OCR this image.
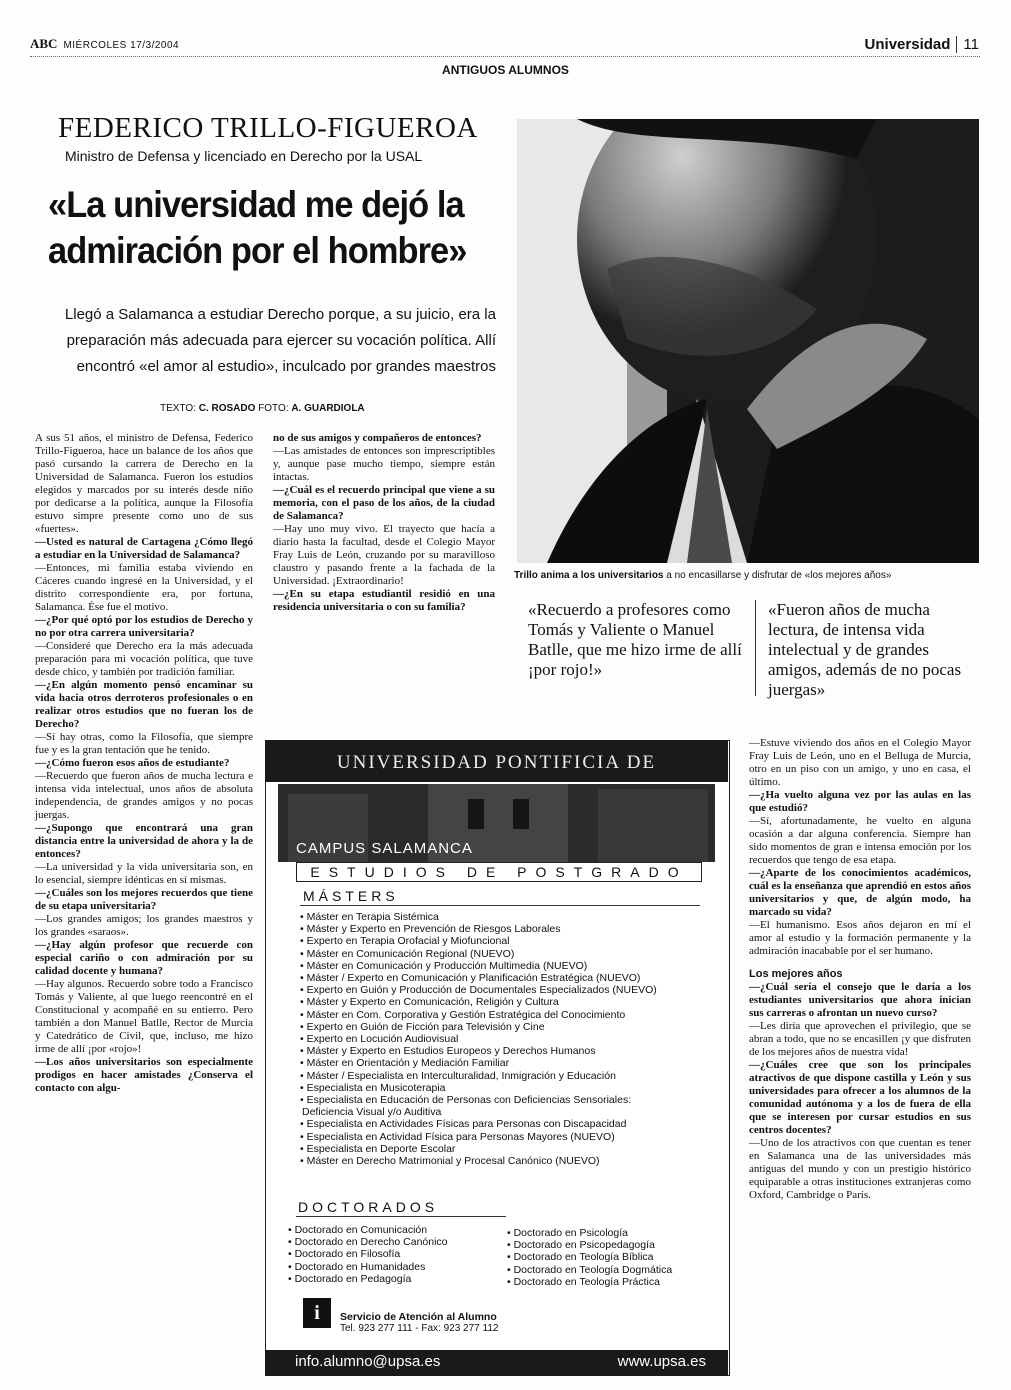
ABC MIÉRCOLES 17/3/2004	Universidad 11
ANTIGUOS ALUMNOS
FEDERICO TRILLO-FIGUEROA
Ministro de Defensa y licenciado en Derecho por la USAL
«La universidad me dejó la admiración por el hombre»
Llegó a Salamanca a estudiar Derecho porque, a su juicio, era la preparación más adecuada para ejercer su vocación política. Allí encontró «el amor al estudio», inculcado por grandes maestros
TEXTO: C. ROSADO FOTO: A. GUARDIOLA
Trillo anima a los universitarios a no encasillarse y disfrutar de «los mejores años»
«Recuerdo a profesores como Tomás y Valiente o Manuel Batlle, que me hizo irme de allí ¡por rojo!»
«Fueron años de mucha lectura, de intensa vida intelectual y de grandes amigos, además de no pocas juergas»

A sus 51 años, el ministro de Defensa, Federico Trillo-Figueroa, hace un balance de los años que pasó cursando la carrera de Derecho en la Universidad de Salamanca. Fueron los estudios elegidos y marcados por su interés desde niño por dedicarse a la política, aunque la Filosofía estuvo simpre presente como uno de sus «fuertes».

—Usted es natural de Cartagena ¿Cómo llegó a estudiar en la Universidad de Salamanca?

—Entonces, mi familia estaba viviendo en Cáceres cuando ingresé en la Universidad, y el distrito correspondiente era, por fortuna, Salamanca. Ése fue el motivo.

—¿Por qué optó por los estudios de Derecho y no por otra carrera universitaria?

—Consideré que Derecho era la más adecuada preparación para mi vocación política, que tuve desde chico, y también por tradición familiar.

—¿En algún momento pensó encaminar su vida hacia otros derroteros profesionales o en realizar otros estudios que no fueran los de Derecho?

—Sí hay otras, como la Filosofía, que siempre fue y es la gran tentación que he tenido.

—¿Cómo fueron esos años de estudiante?

—Recuerdo que fueron años de mucha lectura e intensa vida intelectual, unos años de absoluta independencia, de grandes amigos y no pocas juergas.

—¿Supongo que encontrará una gran distancia entre la universidad de ahora y la de entonces?

—La universidad y la vida universitaria son, en lo esencial, siempre idénticas en sí mismas.

—¿Cuáles son los mejores recuerdos que tiene de su etapa universitaria?

—Los grandes amigos; los grandes maestros y los grandes «saraos».

—¿Hay algún profesor que recuerde con especial cariño o con admiración por su calidad docente y humana?

—Hay algunos. Recuerdo sobre todo a Francisco Tomás y Valiente, al que luego reencontré en el Constitucional y acompañé en su entierro. Pero también a don Manuel Batlle, Rector de Murcia y Catedrático de Civil, que, incluso, me hizo irme de allí ¡por «rojo»!

—Los años universitarios son especialmente prodigos en hacer amistades ¿Conserva el contacto con algu-

no de sus amigos y compañeros de entonces?

—Las amistades de entonces son imprescriptibles y, aunque pase mucho tiempo, siempre están intactas.

—¿Cuál es el recuerdo principal que viene a su memoria, con el paso de los años, de la ciudad de Salamanca?

—Hay uno muy vivo. El trayecto que hacía a diario hasta la facultad, desde el Colegio Mayor Fray Luis de León, cruzando por su maravilloso claustro y pasando frente a la fachada de la Universidad. ¡Extraordinario!

—¿En su etapa estudiantil residió en una residencia universitaria o con su familia?

—Estuve viviendo dos años en el Colegio Mayor Fray Luis de León, uno en el Belluga de Murcia, otro en un piso con un amigo, y uno en casa, el último.

—¿Ha vuelto alguna vez por las aulas en las que estudió?

—Sí, afortunadamente, he vuelto en alguna ocasión a dar alguna conferencia. Siempre han sido momentos de gran e intensa emoción por los recuerdos que tengo de esa etapa.

—¿Aparte de los conocimientos académicos, cuál es la enseñanza que aprendió en estos años universitarios y que, de algún modo, ha marcado su vida?

—El humanismo. Esos años dejaron en mí el amor al estudio y la formación permanente y la admiración inacabable por el ser humano.

Los mejores años

—¿Cuál sería el consejo que le daría a los estudiantes universitarios que ahora inician sus carreras o afrontan un nuevo curso?

—Les diría que aprovechen el privilegio, que se abran a todo, que no se encasillen ¡y que disfruten de los mejores años de nuestra vida!

—¿Cuáles cree que son los principales atractivos de que dispone castilla y León y sus universidades para ofrecer a los alumnos de la comunidad autónoma y a los de fuera de ella que se interesen por cursar estudios en sus centros docentes?

—Uno de los atractivos con que cuentan es tener en Salamanca una de las universidades más antiguas del mundo y con un prestigio histórico equiparable a otras instituciones extranjeras como Oxford, Cambridge o París.

UNIVERSIDAD PONTIFICIA DE
CAMPUS SALAMANCA
ESTUDIOS DE POSTGRADO
MÁSTERS
• Máster en Terapia Sistémica
• Máster y Experto en Prevención de Riesgos Laborales
• Experto en Terapia Orofacial y Miofuncional
• Máster en Comunicación Regional (NUEVO)
• Máster en Comunicación y Producción Multimedia (NUEVO)
• Máster / Experto en Comunicación y Planificación Estratégica (NUEVO)
• Experto en Guión y Producción de Documentales Especializados (NUEVO)
• Máster y Experto en Comunicación, Religión y Cultura
• Máster en Com. Corporativa y Gestión Estratégica del Conocimiento
• Experto en Guión de Ficción para Televisión y Cine
• Experto en Locución Audiovisual
• Máster y Experto en Estudios Europeos y Derechos Humanos
• Máster en Orientación y Mediación Familiar
• Máster / Especialista en Interculturalidad, Inmigración y Educación
• Especialista en Musicoterapia
• Especialista en Educación de Personas con Deficiencias Sensoriales:
Deficiencia Visual y/o Auditiva
• Especialista en Actividades Físicas para Personas con Discapacidad
• Especialista en Actividad Física para Personas Mayores (NUEVO)
• Especialista en Deporte Escolar
• Máster en Derecho Matrimonial y Procesal Canónico (NUEVO)
DOCTORADOS
• Doctorado en Comunicación
• Doctorado en Derecho Canónico
• Doctorado en Filosofía
• Doctorado en Humanidades
• Doctorado en Pedagogía
• Doctorado en Psicología
• Doctorado en Psicopedagogía
• Doctorado en Teología Bíblica
• Doctorado en Teología Dogmática
• Doctorado en Teología Práctica
i	Servicio de Atención al Alumno
Tel. 923 277 111 - Fax: 923 277 112
info.alumno@upsa.es	www.upsa.es
